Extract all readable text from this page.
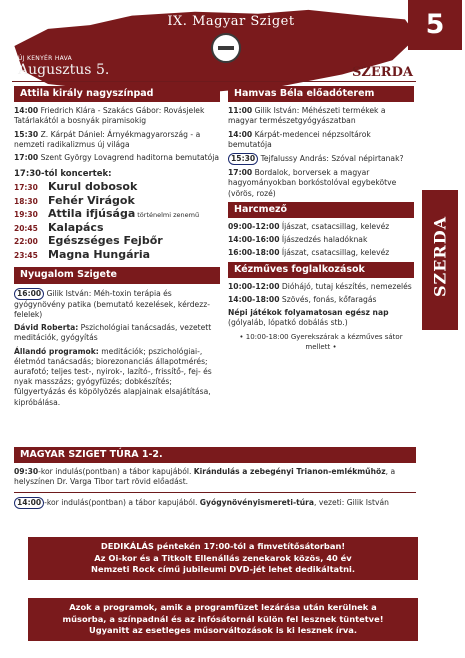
IX. Magyar Sziget	5
ÚJ KENYÉR HAVA
Augusztus 5.	SZERDA
SZERDA
Attila király nagyszínpad
14:00 Friedrich Klára - Szakács Gábor: Rovásjelek Tatárlakától a bosnyák piramisokig
15:30 Z. Kárpát Dániel: Árnyékmagyarország - a nemzeti radikalizmus új világa
17:00 Szent György Lovagrend haditorna bemutatója
17:30-tól koncertek:
17:30 Kurul dobosok
18:30 Fehér Virágok
19:30 Attila ifjúsága történelmi zenemű
20:45 Kalapács
22:00 Egészséges Fejbőr
23:45 Magna Hungária
Nyugalom Szigete
16:00 Gilik István: Méh-toxin terápia és gyógynövény patika (bemutató kezelések, kérdezz-felelek)
Dávid Roberta: Pszichológiai tanácsadás, vezetett meditációk, gyógyítás
Állandó programok: meditációk; pszichológiai-, életmód tanácsadás; biorezonanciás állapotmérés; aurafotó; teljes test-, nyirok-, lazító-, frissítő-, fej- és nyak masszázs; gyógyfüzés; dobkészítés; fülgyertyázás és köpölyözés alapjainak elsajátítása, kipróbálása.
Hamvas Béla előadóterem
11:00 Gilik István: Méhészeti termékek a magyar természetgyógyászatban
14:00 Kárpát-medencei népzsoltárok bemutatója
15:30 Tejfalussy András: Szóval népirtanak?
17:00 Bordalok, borversek a magyar hagyományokban borkóstolóval egybekötve (vörös, rozé)
Harcmező
09:00-12:00 Íjászat, csatacsillag, kelevéz
14:00-16:00 Íjászedzés haladóknak
16:00-18:00 Íjászat, csatacsillag, kelevéz
Kézműves foglalkozások
10:00-12:00 Dióhájó, tutaj készítés, nemezelés
14:00-18:00 Szövés, fonás, kőfaragás
Népi játékok folyamatosan egész nap (gólyaláb, lópatkó dobálás stb.)
• 10:00-18:00 Gyerekszárak a kézműves sátor mellett •
MAGYAR SZIGET TÚRA 1-2.
09:30-kor indulás(pontban) a tábor kapujából. Kirándulás a zebegényi Trianon-emlékműhöz, a helyszínen Dr. Varga Tibor tart rövid előadást.
14:00 -kor indulás(pontban) a tábor kapujából. Gyógynövényismereti-túra, vezeti: Gilik István
DEDIKÁLÁS péntekén 17:00-tól a fimvetítősátorban!
Az Oi-kor és a Titkolt Ellenállás zenekarok közös, 40 év
Nemzeti Rock című jubileumi DVD-jét lehet dedikáltatni.
Azok a programok, amik a programfüzet lezárása után kerülnek a
műsorba, a színpadnál és az infósátornál külön fel lesznek tüntetve!
Ugyanitt az esetleges műsorváltozások is ki lesznek írva.
